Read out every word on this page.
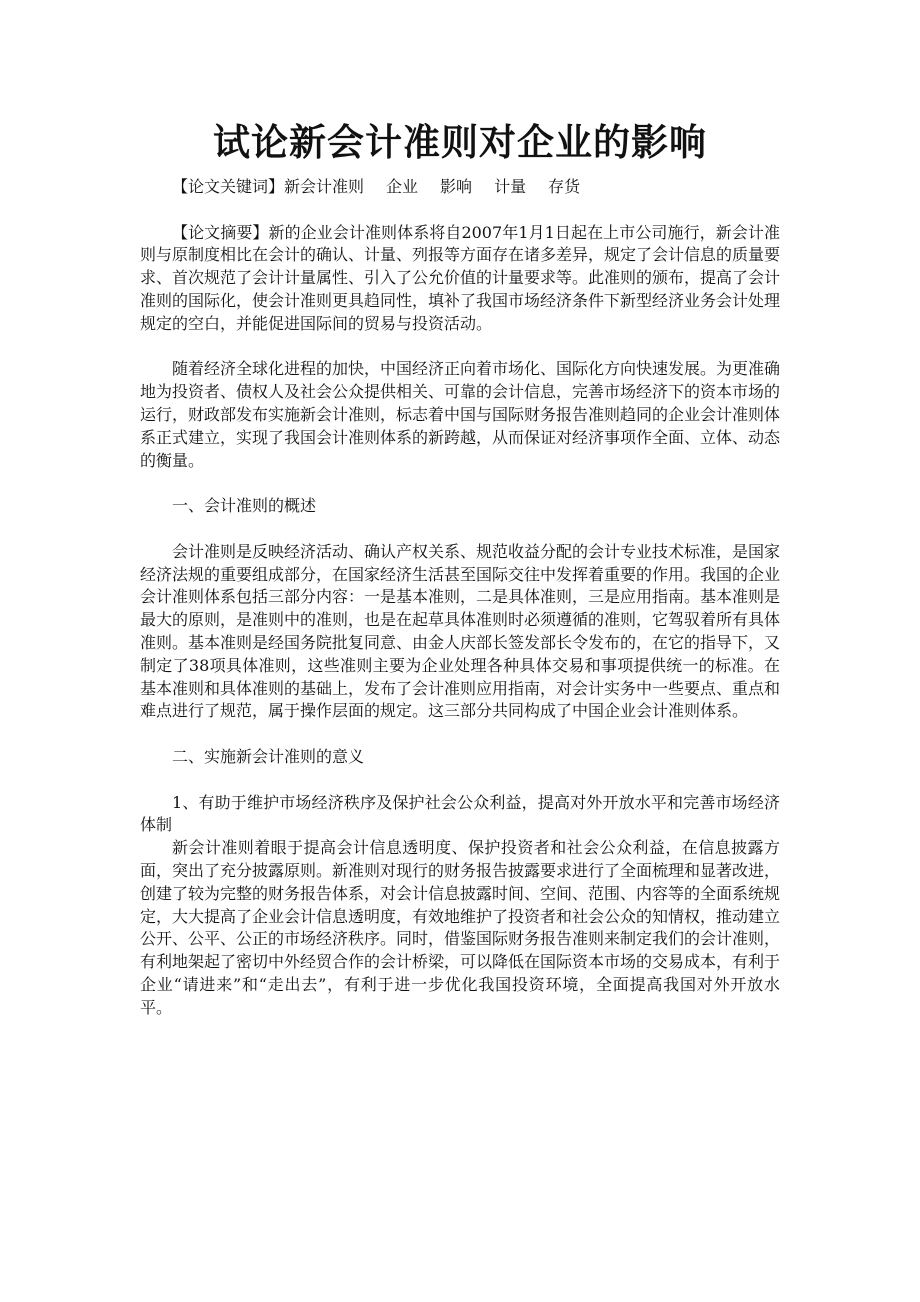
试论新会计准则对企业的影响

【论文关键词】新会计准则 企业 影响 计量 存货

【论文摘要】新的企业会计准则体系将自2007年1月1日起在上市公司施行，新会计准则与原制度相比在会计的确认、计量、列报等方面存在诸多差异，规定了会计信息的质量要求、首次规范了会计计量属性、引入了公允价值的计量要求等。此准则的颁布，提高了会计准则的国际化，使会计准则更具趋同性，填补了我国市场经济条件下新型经济业务会计处理规定的空白，并能促进国际间的贸易与投资活动。

随着经济全球化进程的加快，中国经济正向着市场化、国际化方向快速发展。为更准确地为投资者、债权人及社会公众提供相关、可靠的会计信息，完善市场经济下的资本市场的运行，财政部发布实施新会计准则，标志着中国与国际财务报告准则趋同的企业会计准则体系正式建立，实现了我国会计准则体系的新跨越，从而保证对经济事项作全面、立体、动态的衡量。

一、会计准则的概述

会计准则是反映经济活动、确认产权关系、规范收益分配的会计专业技术标准，是国家经济法规的重要组成部分，在国家经济生活甚至国际交往中发挥着重要的作用。我国的企业会计准则体系包括三部分内容：一是基本准则，二是具体准则，三是应用指南。基本准则是最大的原则，是准则中的准则，也是在起草具体准则时必须遵循的准则，它驾驭着所有具体准则。基本准则是经国务院批复同意、由金人庆部长签发部长令发布的，在它的指导下，又制定了38项具体准则，这些准则主要为企业处理各种具体交易和事项提供统一的标准。在基本准则和具体准则的基础上，发布了会计准则应用指南，对会计实务中一些要点、重点和难点进行了规范，属于操作层面的规定。这三部分共同构成了中国企业会计准则体系。

二、实施新会计准则的意义

1、有助于维护市场经济秩序及保护社会公众利益，提高对外开放水平和完善市场经济体制

新会计准则着眼于提高会计信息透明度、保护投资者和社会公众利益，在信息披露方面，突出了充分披露原则。新准则对现行的财务报告披露要求进行了全面梳理和显著改进，创建了较为完整的财务报告体系，对会计信息披露时间、空间、范围、内容等的全面系统规定，大大提高了企业会计信息透明度，有效地维护了投资者和社会公众的知情权，推动建立公开、公平、公正的市场经济秩序。同时，借鉴国际财务报告准则来制定我们的会计准则，有利地架起了密切中外经贸合作的会计桥梁，可以降低在国际资本市场的交易成本，有利于企业“请进来”和“走出去”，有利于进一步优化我国投资环境，全面提高我国对外开放水平。
